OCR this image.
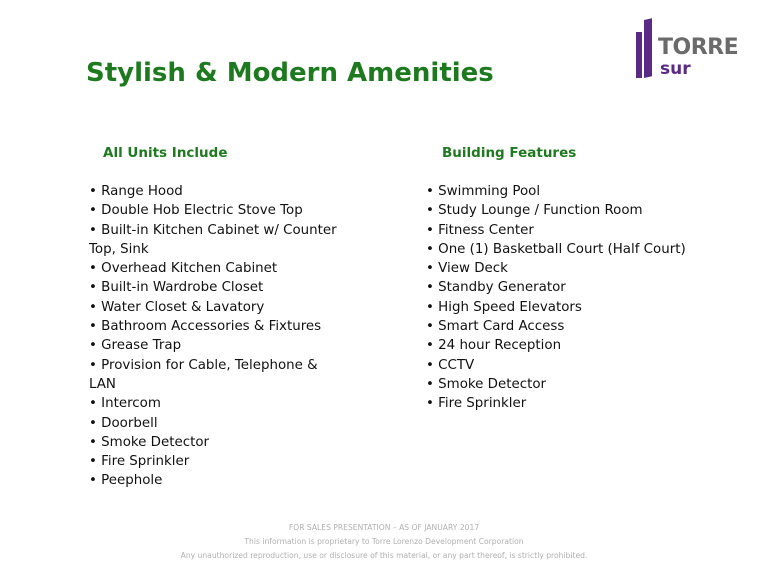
Stylish & Modern Amenities
TORRE
sur
All Units Include	Building Features
• Range Hood
• Double Hob Electric Stove Top
• Built-in Kitchen Cabinet w/ Counter Top, Sink
• Overhead Kitchen Cabinet
• Built-in Wardrobe Closet
• Water Closet & Lavatory
• Bathroom Accessories & Fixtures
• Grease Trap
• Provision for Cable, Telephone & LAN
• Intercom
• Doorbell
• Smoke Detector
• Fire Sprinkler
• Peephole
• Swimming Pool
• Study Lounge / Function Room
• Fitness Center
• One (1) Basketball Court (Half Court)
• View Deck
• Standby Generator
• High Speed Elevators
• Smart Card Access
• 24 hour Reception
• CCTV
• Smoke Detector
• Fire Sprinkler
FOR SALES PRESENTATION – AS OF JANUARY 2017
This information is proprietary to Torre Lorenzo Development Corporation
Any unauthorized reproduction, use or disclosure of this material, or any part thereof, is strictly prohibited.
